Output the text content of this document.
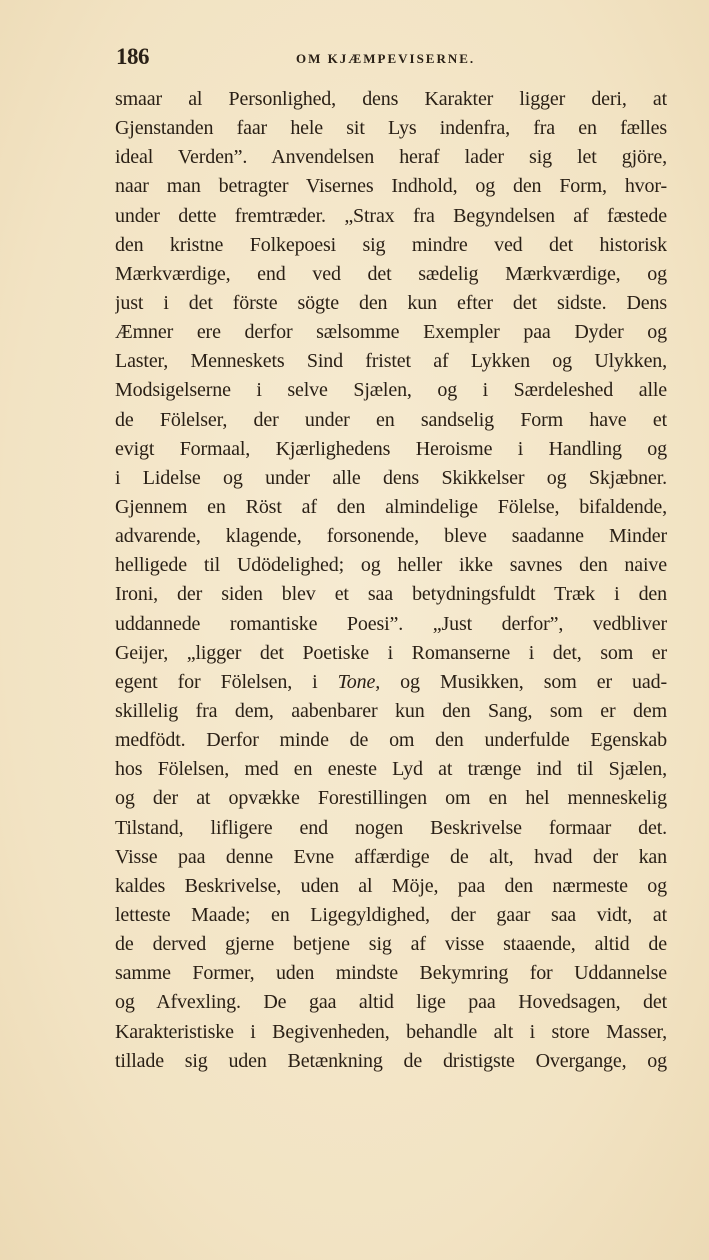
186	OM KJÆMPEVISERNE.
smaar al Personlighed, dens Karakter ligger deri, at
Gjenstanden faar hele sit Lys indenfra, fra en fælles
ideal Verden”. Anvendelsen heraf lader sig let gjöre,
naar man betragter Visernes Indhold, og den Form, hvor-
under dette fremtræder. „Strax fra Begyndelsen af fæstede
den kristne Folkepoesi sig mindre ved det historisk
Mærkværdige, end ved det sædelig Mærkværdige, og
just i det förste sögte den kun efter det sidste. Dens
Æmner ere derfor sælsomme Exempler paa Dyder og
Laster, Menneskets Sind fristet af Lykken og Ulykken,
Modsigelserne i selve Sjælen, og i Særdeleshed alle
de Fölelser, der under en sandselig Form have et
evigt Formaal, Kjærlighedens Heroisme i Handling og
i Lidelse og under alle dens Skikkelser og Skjæbner.
Gjennem en Röst af den almindelige Fölelse, bifaldende,
advarende, klagende, forsonende, bleve saadanne Minder
helligede til Udödelighed; og heller ikke savnes den naive
Ironi, der siden blev et saa betydningsfuldt Træk i den
uddannede romantiske Poesi”. „Just derfor”, vedbliver
Geijer, „ligger det Poetiske i Romanserne i det, som er
egent for Fölelsen, i Tone, og Musikken, som er uad-
skillelig fra dem, aabenbarer kun den Sang, som er dem
medfödt. Derfor minde de om den underfulde Egenskab
hos Fölelsen, med en eneste Lyd at trænge ind til Sjælen,
og der at opvække Forestillingen om en hel menneskelig
Tilstand, lifligere end nogen Beskrivelse formaar det.
Visse paa denne Evne affærdige de alt, hvad der kan
kaldes Beskrivelse, uden al Möje, paa den nærmeste og
letteste Maade; en Ligegyldighed, der gaar saa vidt, at
de derved gjerne betjene sig af visse staaende, altid de
samme Former, uden mindste Bekymring for Uddannelse
og Afvexling. De gaa altid lige paa Hovedsagen, det
Karakteristiske i Begivenheden, behandle alt i store Masser,
tillade sig uden Betænkning de dristigste Overgange, og
